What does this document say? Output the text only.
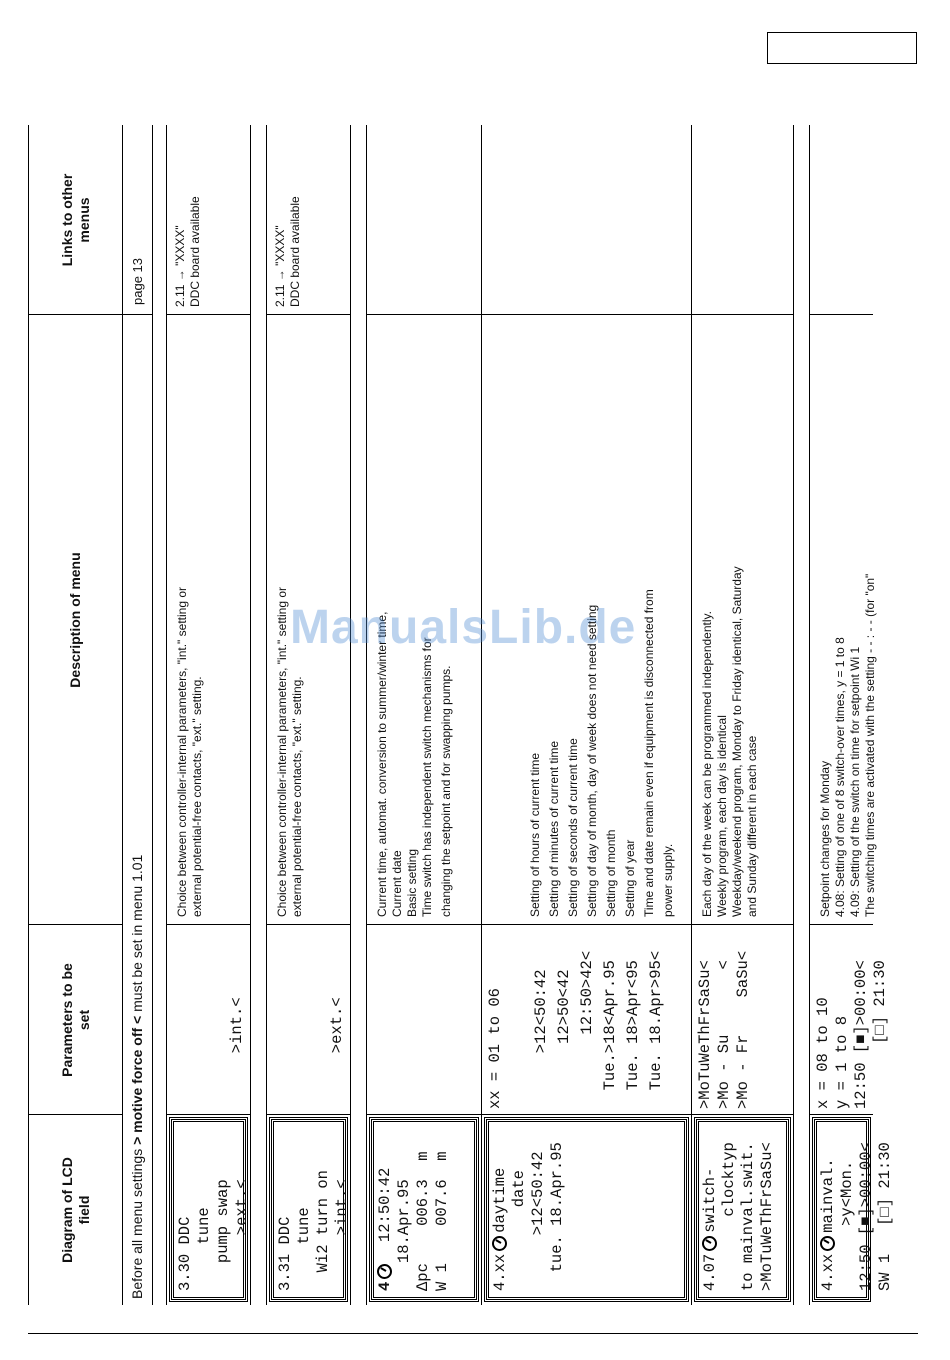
Diagram of LCD field
Parameters to be set
Description of menu
Links to other menus
Before all menu settings > motive force off < must be set in menu 1.01
page 13
3.30 DDC tune pump swap >ext.<
>int.<
Choice between controller-internal parameters, "int." setting or external potential-free contacts, "ext." setting.
2.11 → "XXXX" DDC board available
3.31 DDC tune Wi2 turn on >int.<
>ext.<
Choice between controller-internal parameters, "int." setting or external potential-free contacts, "ext." setting.
2.11 → "XXXX" DDC board available
4  12:50:42 18.Apr.95 ∆pc    006.3  m W 1    007.6  m
Current time, automat. conversion to summer/winter time, Current date Basic setting Time switch has independent switch mechanisms for changing the setpoint and for swapping pumps.
4.xxdaytime date >12<50:42 tue. 18.Apr.95
xx = 01 to 06	>12<50:42 12>50<42 12:50>42< Tue.>18<Apr.95 Tue. 18>Apr<95 Tue. 18.Apr>95<
Setting of hours of current time Setting of minutes of current time Setting of seconds of current time Setting of day of month, day of week does not need setting Setting of month Setting of year Time and date remain even if equipment is disconnected from power supply.
4.07switch- clocktyp to mainval.swit. >MoTuWeThFrSaSu<
>MoTuWeThFrSaSu< >Mo - Su       < >Mo - Fr    SaSu<
Each day of the week can be programmed independently. Weekly program, each day is identical Weekday/weekend program, Monday to Friday identical, Saturday and Sunday different in each case
4.xxmainval. >y<Mon. 12:50 [■]>00:00< SW 1   [□] 21:30
x = 08 to 10 y = 1 to 8 12:50 [■]>00:00< [□] 21:30
Setpoint changes for Monday 4.08: Setting of one of 8 switch-over times, y = 1 to 8 4.09: Setting of the switch on time for setpoint Wi 1 The switching times are activated with the setting - - : - - (for "on"
ManualsLib.de
